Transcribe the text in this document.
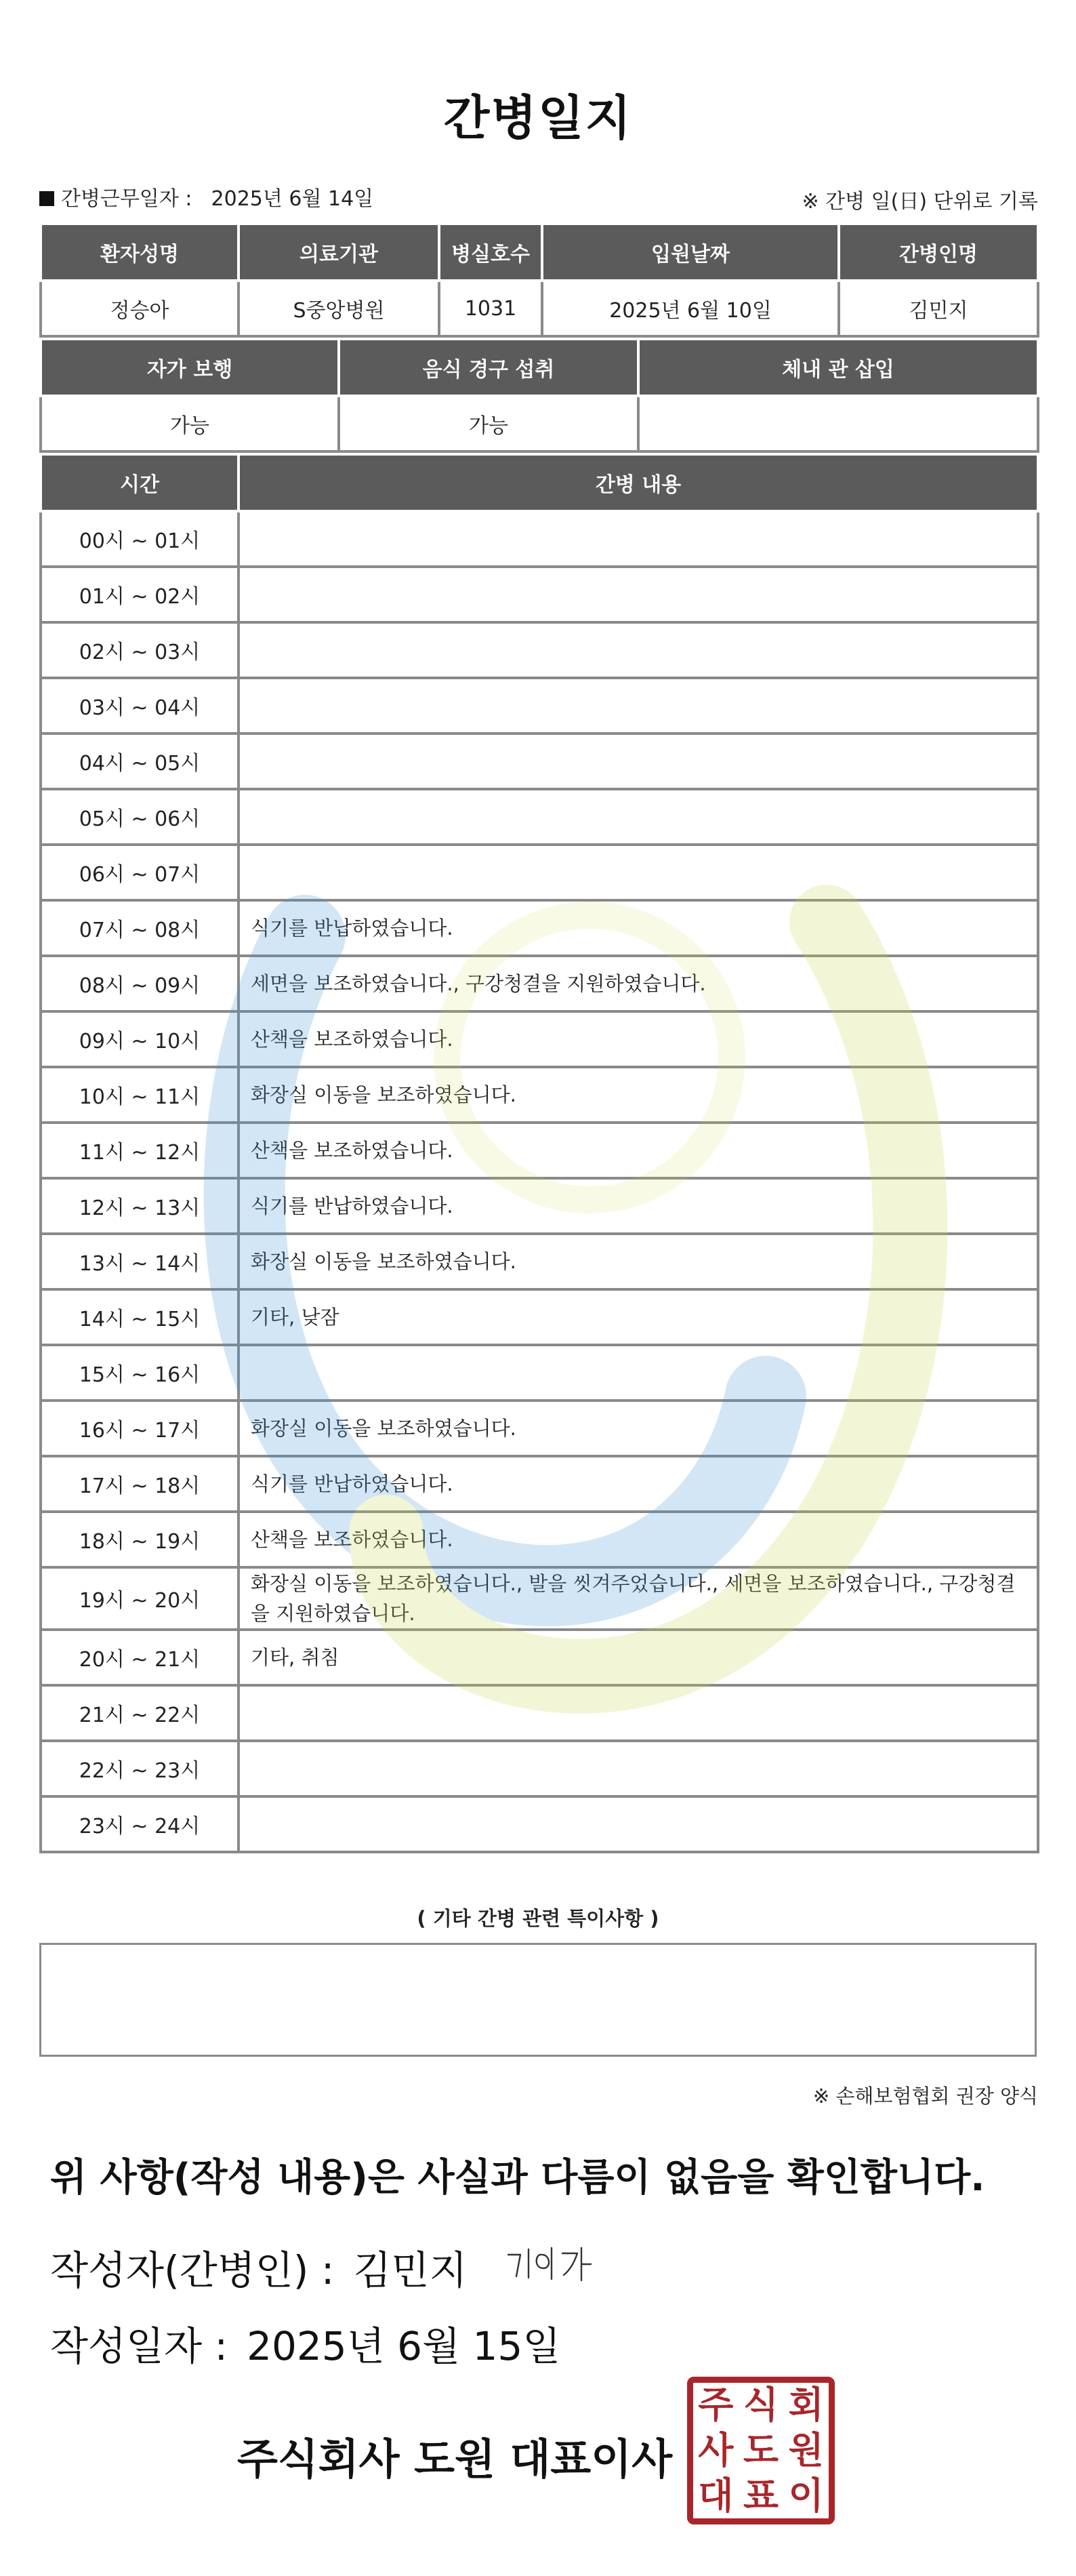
간병일지
간병근무일자 : 2025년 6월 14일	※ 간병 일(日) 단위로 기록
환자성명	의료기관	병실호수	입원날짜	간병인명
정승아	S중앙병원	1031	2025년 6월 10일	김민지
자가 보행	음식 경구 섭취	체내 관 삽입
가능	가능	
시간	간병 내용
00시 ~ 01시	
01시 ~ 02시	
02시 ~ 03시	
03시 ~ 04시	
04시 ~ 05시	
05시 ~ 06시	
06시 ~ 07시	
07시 ~ 08시	식기를 반납하였습니다.
08시 ~ 09시	세면을 보조하였습니다., 구강청결을 지원하였습니다.
09시 ~ 10시	산책을 보조하였습니다.
10시 ~ 11시	화장실 이동을 보조하였습니다.
11시 ~ 12시	산책을 보조하였습니다.
12시 ~ 13시	식기를 반납하였습니다.
13시 ~ 14시	화장실 이동을 보조하였습니다.
14시 ~ 15시	기타, 낮잠
15시 ~ 16시	
16시 ~ 17시	화장실 이동을 보조하였습니다.
17시 ~ 18시	식기를 반납하였습니다.
18시 ~ 19시	산책을 보조하였습니다.
19시 ~ 20시	화장실 이동을 보조하였습니다., 발을 씻겨주었습니다., 세면을 보조하였습니다., 구강청결을 지원하였습니다.
20시 ~ 21시	기타, 취침
21시 ~ 22시	
22시 ~ 23시	
23시 ~ 24시	
( 기타 간병 관련 특이사항 )
※ 손해보험협회 권장 양식
위 사항(작성 내용)은 사실과 다름이 없음을 확인합니다.
작성자(간병인) : 김민지
작성일자 : 2025년 6월 15일
주식회사 도원 대표이사
주 식 회
사 도 원
대 표 이
